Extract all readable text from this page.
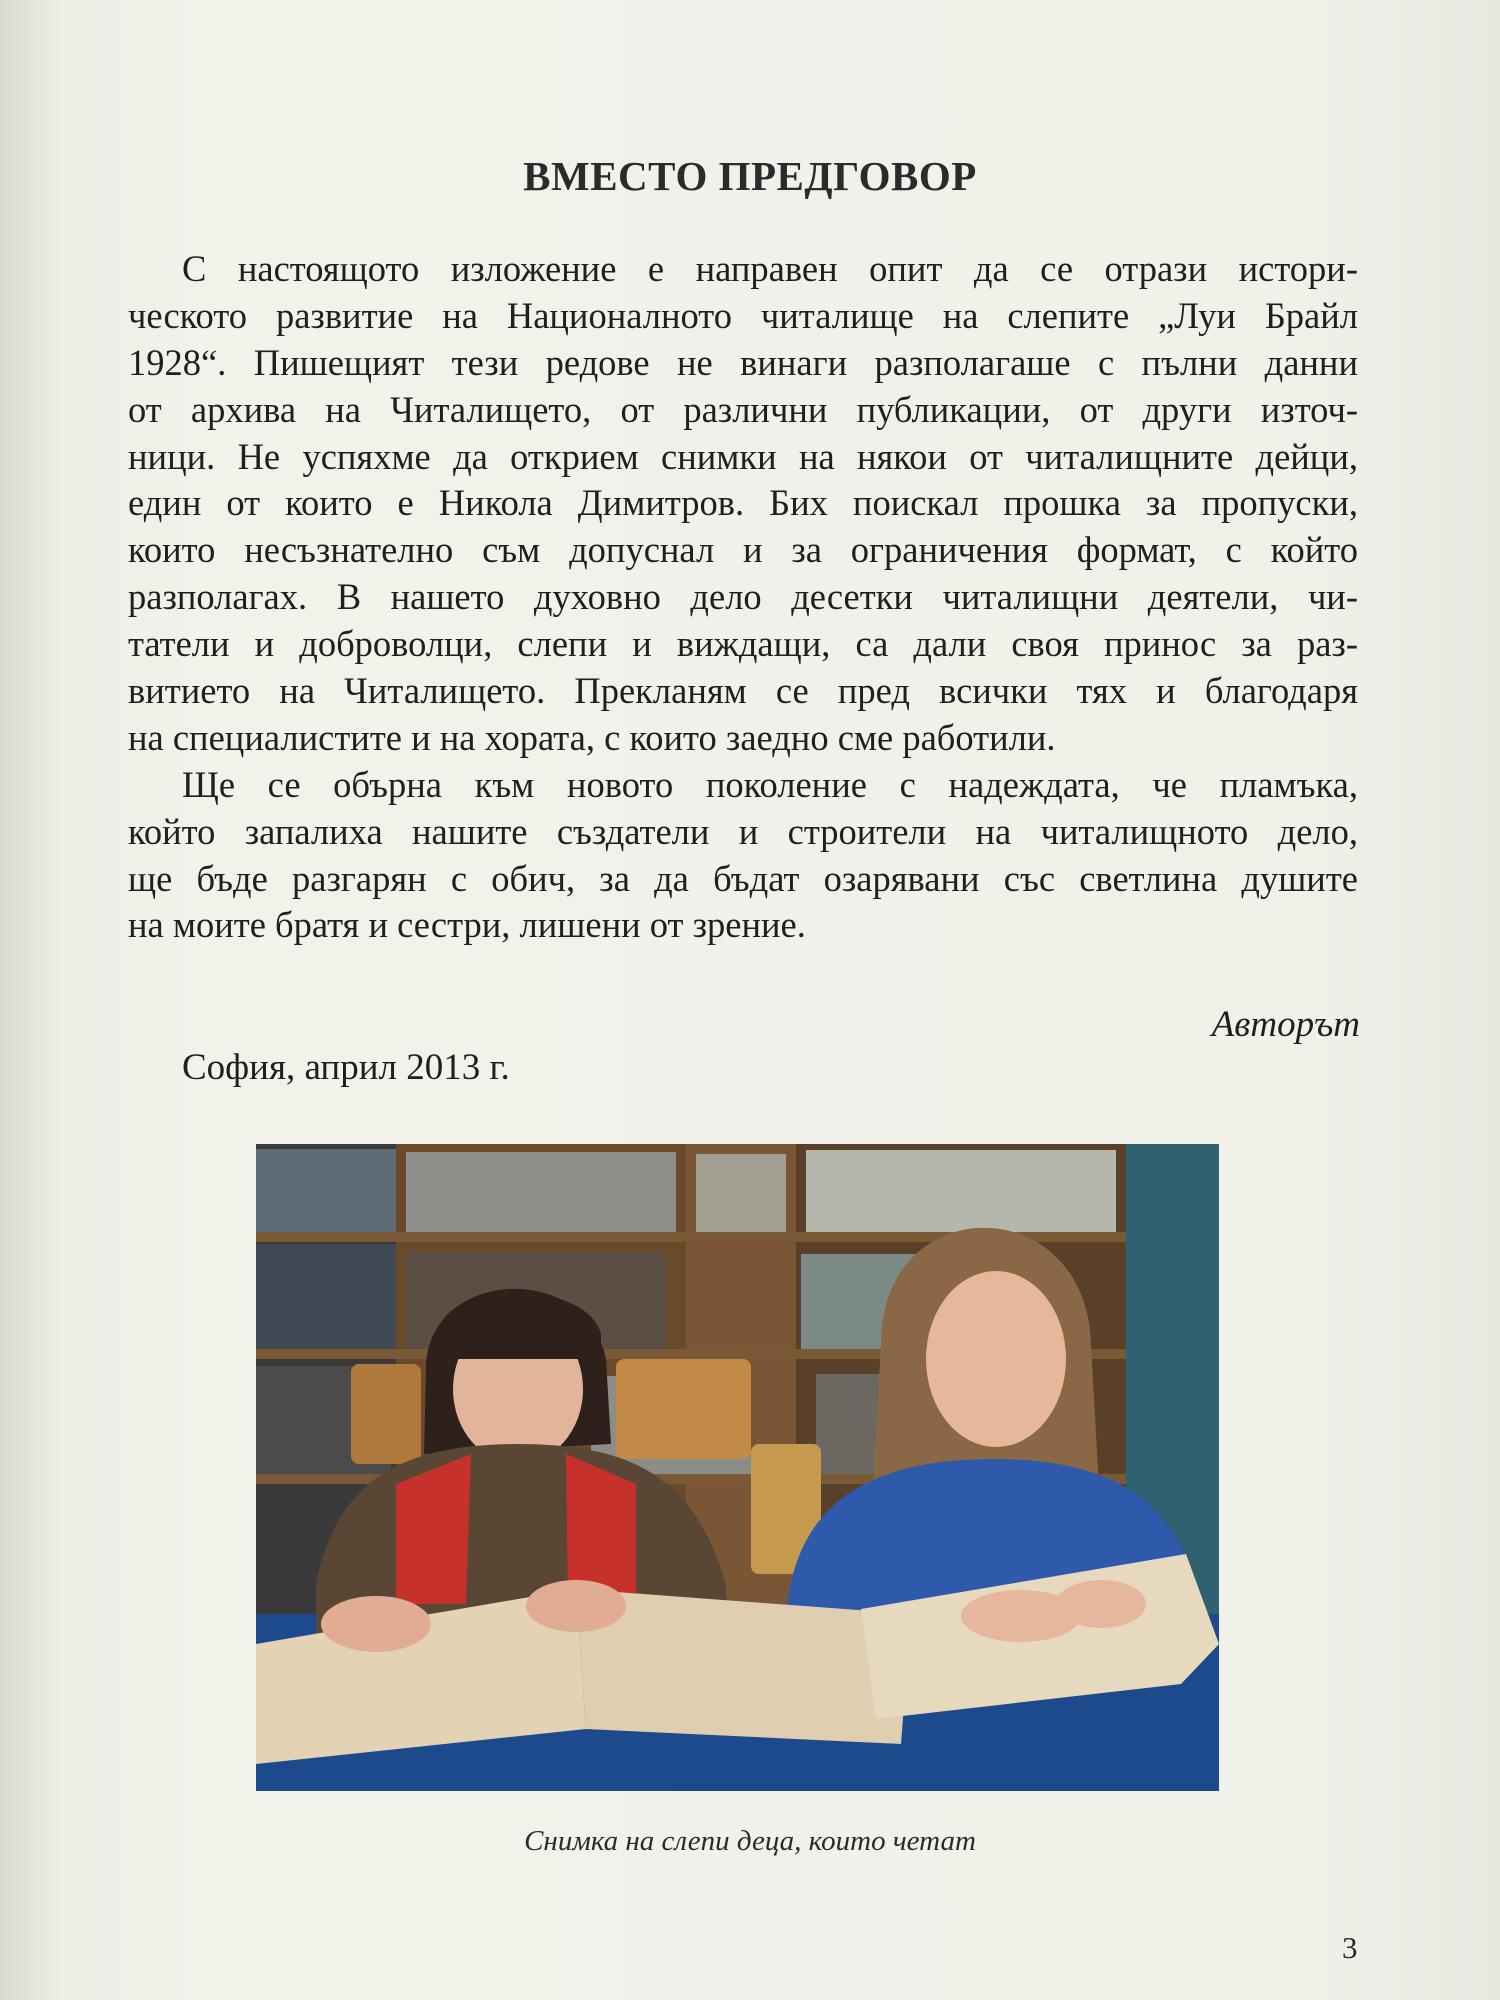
ВМЕСТО ПРЕДГОВОР
С настоящото изложение е направен опит да се отрази истори-
ческото развитие на Националното читалище на слепите „Луи Брайл
1928“. Пишещият тези редове не винаги разполагаше с пълни данни
от архива на Читалището, от различни публикации, от други източ-
ници. Не успяхме да открием снимки на някои от читалищните дейци,
един от които е Никола Димитров. Бих поискал прошка за пропуски,
които несъзнателно съм допуснал и за ограничения формат, с който
разполагах. В нашето духовно дело десетки читалищни деятели, чи-
татели и доброволци, слепи и виждащи, са дали своя принос за раз-
витието на Читалището. Прекланям се пред всички тях и благодаря
на специалистите и на хората, с които заедно сме работили.
Ще се обърна към новото поколение с надеждата, че пламъка,
който запалиха нашите създатели и строители на читалищното дело,
ще бъде разгарян с обич, за да бъдат озарявани със светлина душите
на моите братя и сестри, лишени от зрение.
Авторът
София, април 2013 г.
Снимка на слепи деца, които четат
3
